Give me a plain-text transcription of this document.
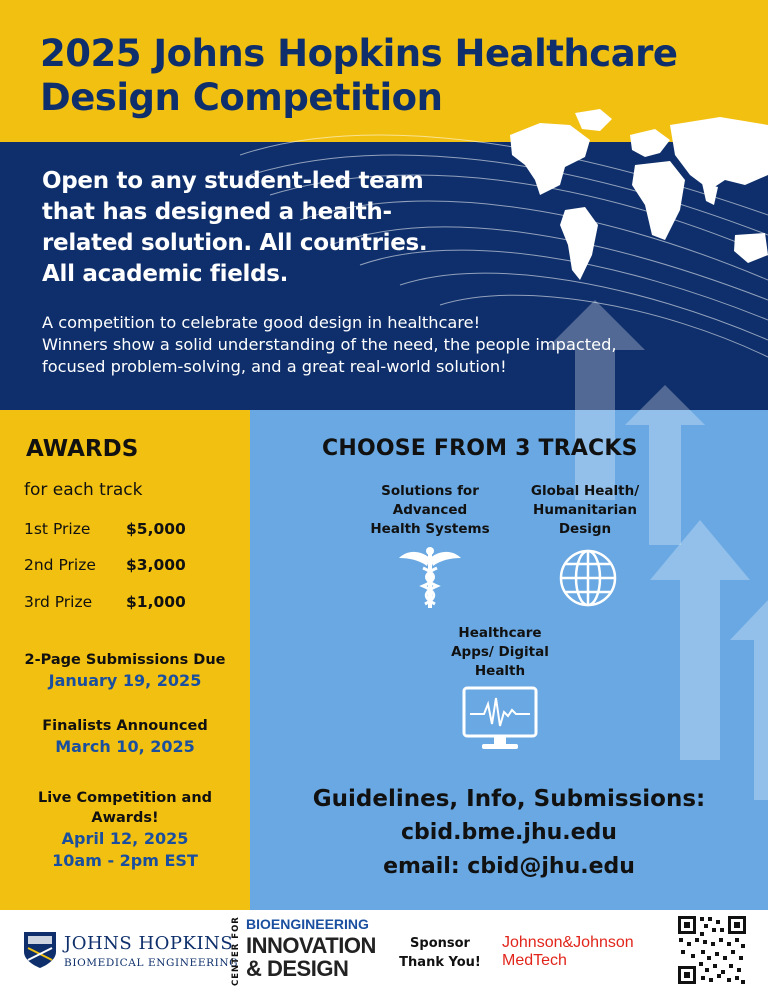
2025 Johns Hopkins Healthcare
Design Competition
Open to any student-led team
that has designed a health-
related solution. All countries.
All academic fields.
A competition to celebrate good design in healthcare!
Winners show a solid understanding of the need, the people impacted,
focused problem-solving, and a great real-world solution!
AWARDS
for each track
1st Prize $5,000
2nd Prize $3,000
3rd Prize $1,000
2-Page Submissions Due
January 19, 2025
Finalists Announced
March 10, 2025
Live Competition and
Awards!
April 12, 2025
10am - 2pm EST
CHOOSE FROM 3 TRACKS
Solutions for
Advanced
Health Systems
Global Health/
Humanitarian
Design
Healthcare
Apps/ Digital
Health
Guidelines, Info, Submissions:
cbid.bme.jhu.edu
email: cbid@jhu.edu
JOHNS HOPKINS
BIOMEDICAL ENGINEERING
CENTER FOR BIOENGINEERING
INNOVATION
& DESIGN
Sponsor
Thank You!
Johnson&Johnson
MedTech
